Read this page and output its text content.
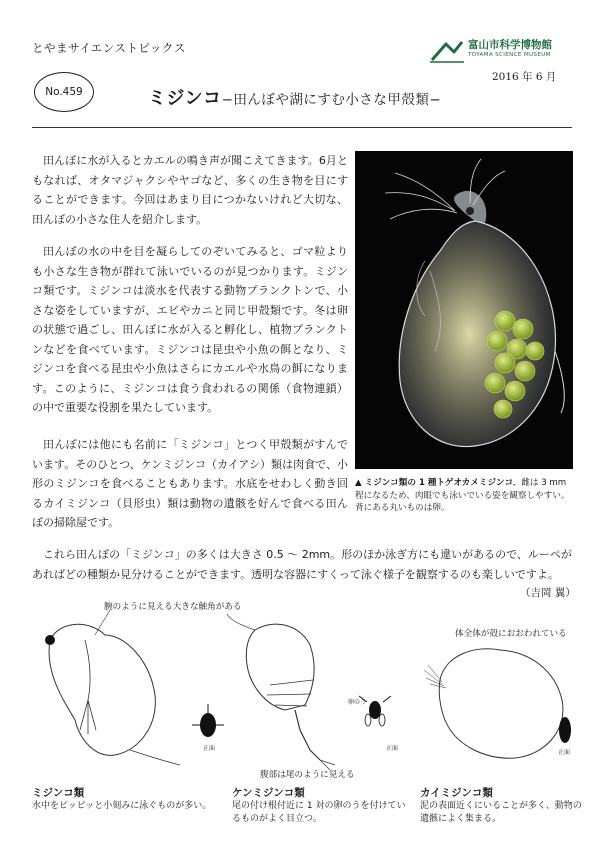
とやまサイエンストピックス	富山市科学博物館
TOYAMA SCIENCE MUSEUM
2016 年 6 月
No.459	ミジンコ−田んぼや湖にすむ小さな甲殻類−
田んぼに水が入るとカエルの鳴き声が聞こえてきます。6月ともなれば、オタマジャクシやヤゴなど、多くの生き物を目にすることができます。今回はあまり目につかないけれど大切な、田んぼの小さな住人を紹介します。
田んぼの水の中を目を凝らしてのぞいてみると、ゴマ粒よりも小さな生き物が群れて泳いでいるのが見つかります。ミジンコ類です。ミジンコは淡水を代表する動物プランクトンで、小さな姿をしていますが、エビやカニと同じ甲殻類です。冬は卵の状態で過ごし、田んぼに水が入ると孵化し、植物プランクトンなどを食べています。ミジンコは昆虫や小魚の餌となり、ミジンコを食べる昆虫や小魚はさらにカエルや水鳥の餌になります。このように、ミジンコは食う食われるの関係（食物連鎖）の中で重要な役割を果たしています。
田んぼには他にも名前に「ミジンコ」とつく甲殻類がすんでいます。そのひとつ、ケンミジンコ（カイアシ）類は肉食で、小形のミジンコを食べることもあります。水底をせわしく動き回るカイミジンコ（貝形虫）類は動物の遺骸を好んで食べる田んぼの掃除屋です。
これら田んぼの「ミジンコ」の多くは大きさ 0.5 〜 2mm。形のほか泳ぎ方にも違いがあるので、ルーペがあればどの種類か見分けることができます。透明な容器にすくって泳ぐ様子を観察するのも楽しいですよ。
（吉岡 翼）
▲ ミジンコ類の 1 種トゲオカメミジンコ．雌は 3 mm 程になるため、肉眼でも泳いでいる姿を観察しやすい。背にある丸いものは卵。
腕のように見える大きな触角がある
正面
ミジンコ類
水中をピッピッと小刻みに泳ぐものが多い。
卵のう
正面
腹部は尾のように見える
ケンミジンコ類
尾の付け根付近に 1 対の卵のうを付けているものがよく目立つ。
体全体が殻におおわれている
正面
カイミジンコ類
泥の表面近くにいることが多く、動物の遺骸によく集まる。
